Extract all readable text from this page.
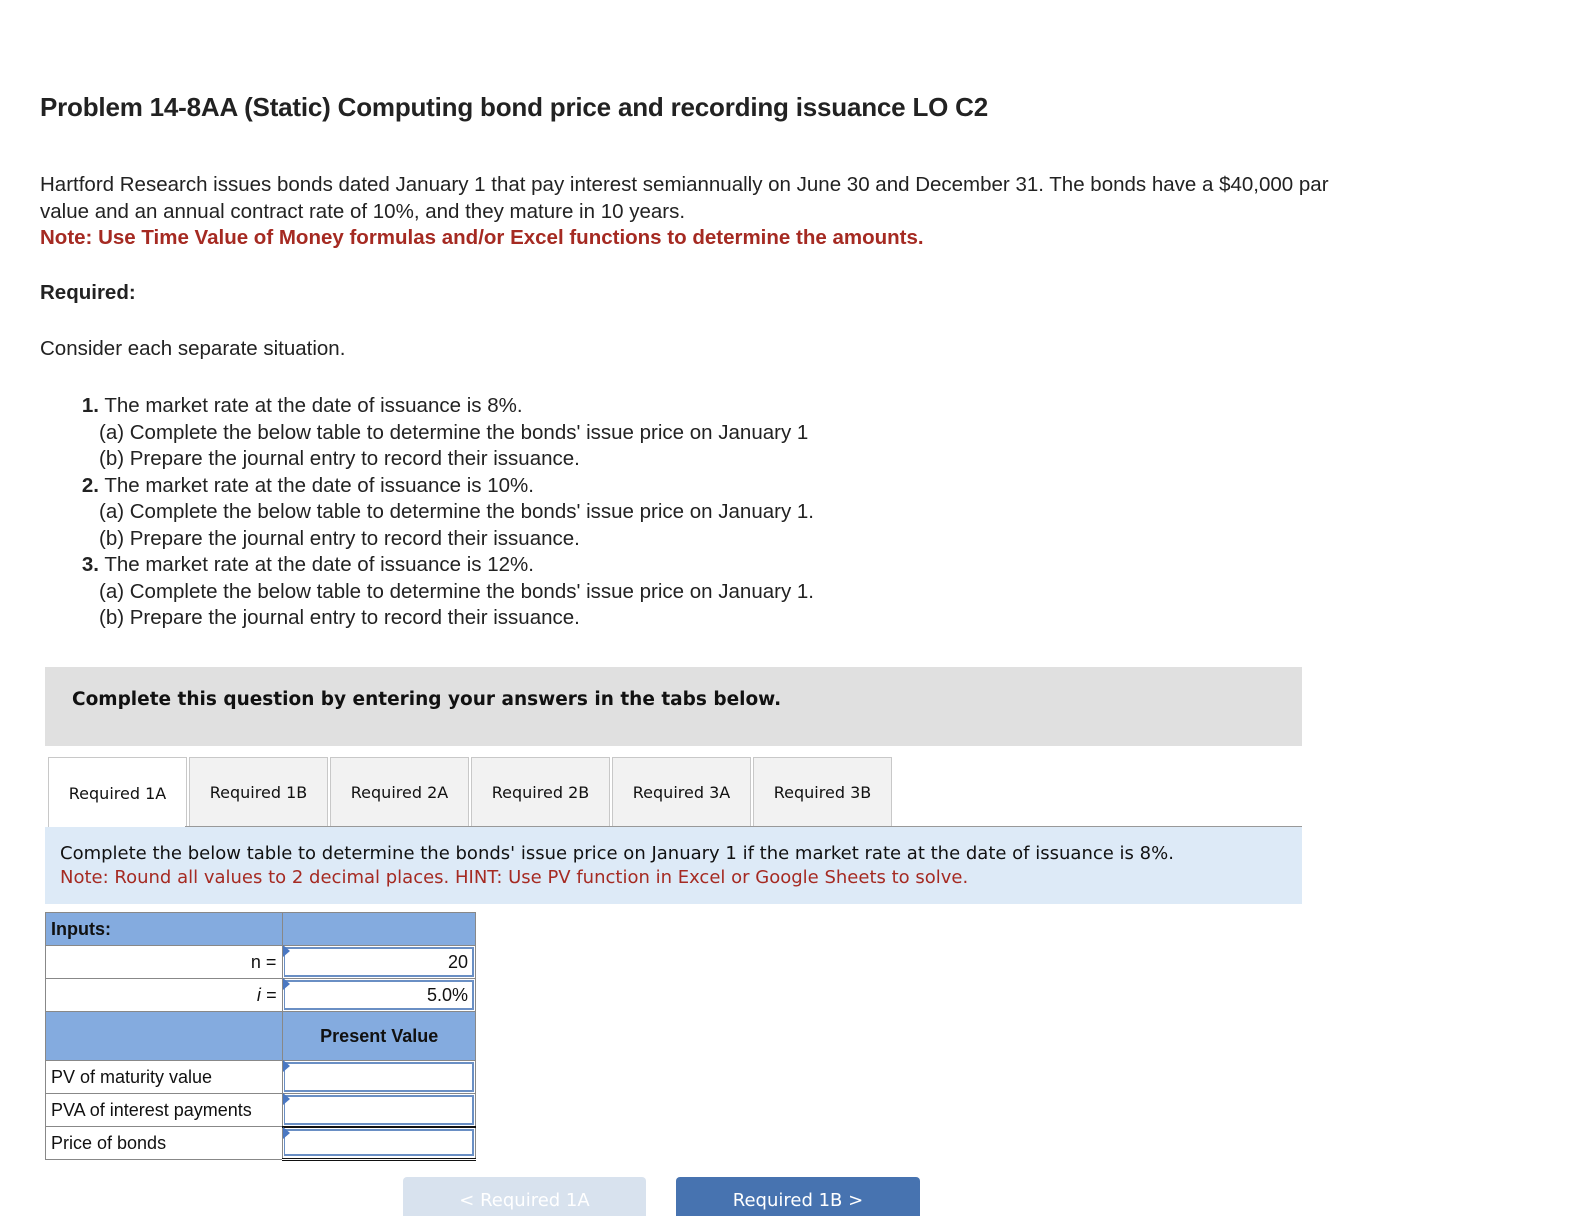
Problem 14-8AA (Static) Computing bond price and recording issuance LO C2
Hartford Research issues bonds dated January 1 that pay interest semiannually on June 30 and December 31. The bonds have a $40,000 par value and an annual contract rate of 10%, and they mature in 10 years.
Note: Use Time Value of Money formulas and/or Excel functions to determine the amounts.
Required:
Consider each separate situation.
1. The market rate at the date of issuance is 8%.
(a) Complete the below table to determine the bonds' issue price on January 1
(b) Prepare the journal entry to record their issuance.
2. The market rate at the date of issuance is 10%.
(a) Complete the below table to determine the bonds' issue price on January 1.
(b) Prepare the journal entry to record their issuance.
3. The market rate at the date of issuance is 12%.
(a) Complete the below table to determine the bonds' issue price on January 1.
(b) Prepare the journal entry to record their issuance.
Complete this question by entering your answers in the tabs below.
Required 1A	Required 1B	Required 2A	Required 2B	Required 3A	Required 3B
Complete the below table to determine the bonds' issue price on January 1 if the market rate at the date of issuance is 8%.
Note: Round all values to 2 decimal places. HINT: Use PV function in Excel or Google Sheets to solve.
Inputs:	
n =	20

i =	5.0%

	Present Value
PV of maturity value	

PVA of interest payments	

Price of bonds	
< Required 1A	Required 1B >
